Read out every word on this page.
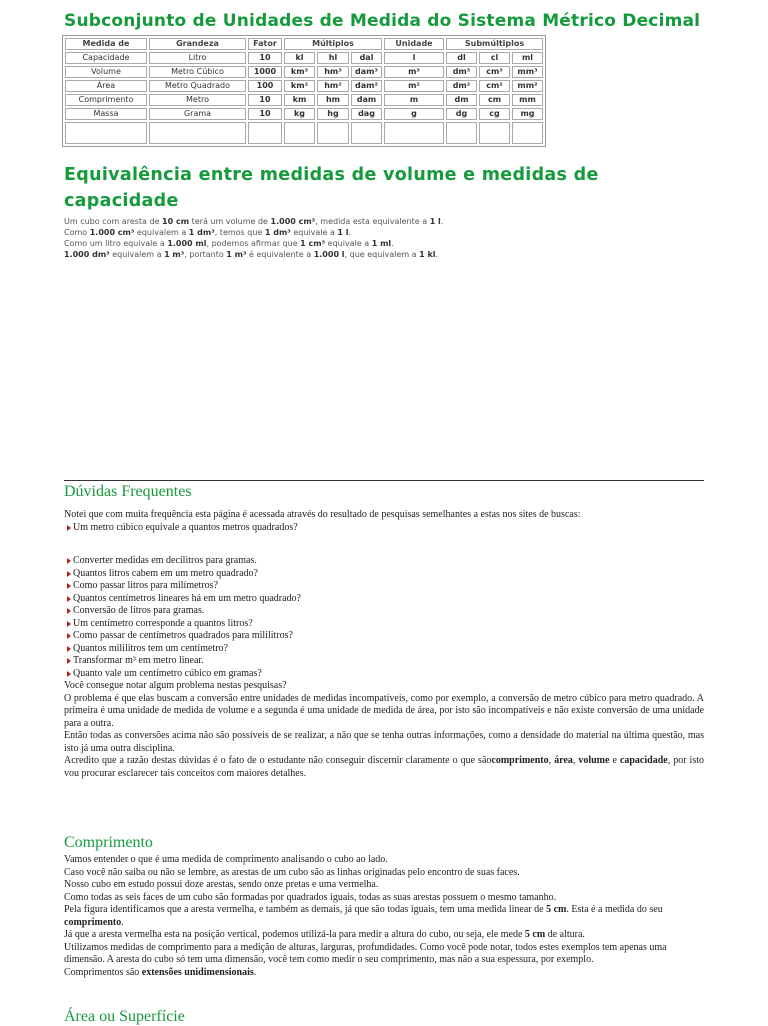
Subconjunto de Unidades de Medida do Sistema Métrico Decimal
Medida de	Grandeza	Fator	Múltiplos			Unidade	Submúltiplos		
Capacidade	Litro	10	kl	hl	dal	l	dl	cl	ml
Volume	Metro Cúbico	1000	km³	hm³	dam³	m³	dm³	cm³	mm³
Área	Metro Quadrado	100	km²	hm²	dam²	m²	dm²	cm²	mm²
Comprimento	Metro	10	km	hm	dam	m	dm	cm	mm
Massa	Grama	10	kg	hg	dag	g	dg	cg	mg

Equivalência entre medidas de volume e medidas de capacidade
Um cubo com aresta de 10 cm terá um volume de 1.000 cm³, medida esta equivalente a 1 l.
Como 1.000 cm³ equivalem a 1 dm³, temos que 1 dm³ equivale a 1 l.
Como um litro equivale a 1.000 ml, podemos afirmar que 1 cm³ equivale a 1 ml.
1.000 dm³ equivalem a 1 m³, portanto 1 m³ é equivalente a 1.000 l, que equivalem a 1 kl.
Dúvidas Frequentes

Notei que com muita frequência esta página é acessada através do resultado de pesquisas semelhantes a estas nos sites de buscas:

Um metro cúbico equivale a quantos metros quadrados?
Converter medidas em decilitros para gramas.
Quantos litros cabem em um metro quadrado?
Como passar litros para milímetros?
Quantos centímetros lineares há em um metro quadrado?
Conversão de litros para gramas.
Um centímetro corresponde a quantos litros?
Como passar de centímetros quadrados para mililitros?
Quantos mililitros tem um centímetro?
Transformar m³ em metro linear.
Quanto vale um centímetro cúbico em gramas?

Você consegue notar algum problema nestas pesquisas?

O problema é que elas buscam a conversão entre unidades de medidas incompatíveis, como por exemplo, a conversão de metro cúbico para metro quadrado. A primeira é uma unidade de medida de volume e a segunda é uma unidade de medida de área, por isto são incompatíveis e não existe conversão de uma unidade para a outra.

Então todas as conversões acima não são possíveis de se realizar, a não que se tenha outras informações, como a densidade do material na última questão, mas isto já uma outra disciplina.

Acredito que a razão destas dúvidas é o fato de o estudante não conseguir discernir claramente o que sãocomprimento, área, volume e capacidade, por isto vou procurar esclarecer tais conceitos com maiores detalhes.

Comprimento

Vamos entender o que é uma medida de comprimento analisando o cubo ao lado.

Caso você não saiba ou não se lembre, as arestas de um cubo são as linhas originadas pelo encontro de suas faces.

Nosso cubo em estudo possui doze arestas, sendo onze pretas e uma vermelha.

Como todas as seis faces de um cubo são formadas por quadrados iguais, todas as suas arestas possuem o mesmo tamanho.

Pela figura identificamos que a aresta vermelha, e também as demais, já que são todas iguais, tem uma medida linear de 5 cm. Esta é a medida do seu comprimento.

Já que a aresta vermelha esta na posição vertical, podemos utilizá-la para medir a altura do cubo, ou seja, ele mede 5 cm de altura.

Utilizamos medidas de comprimento para a medição de alturas, larguras, profundidades. Como você pode notar, todos estes exemplos tem apenas uma dimensão. A aresta do cubo só tem uma dimensão, você tem como medir o seu comprimento, mas não a sua espessura, por exemplo.

Comprimentos são extensões unidimensionais.

Área ou Superfície
